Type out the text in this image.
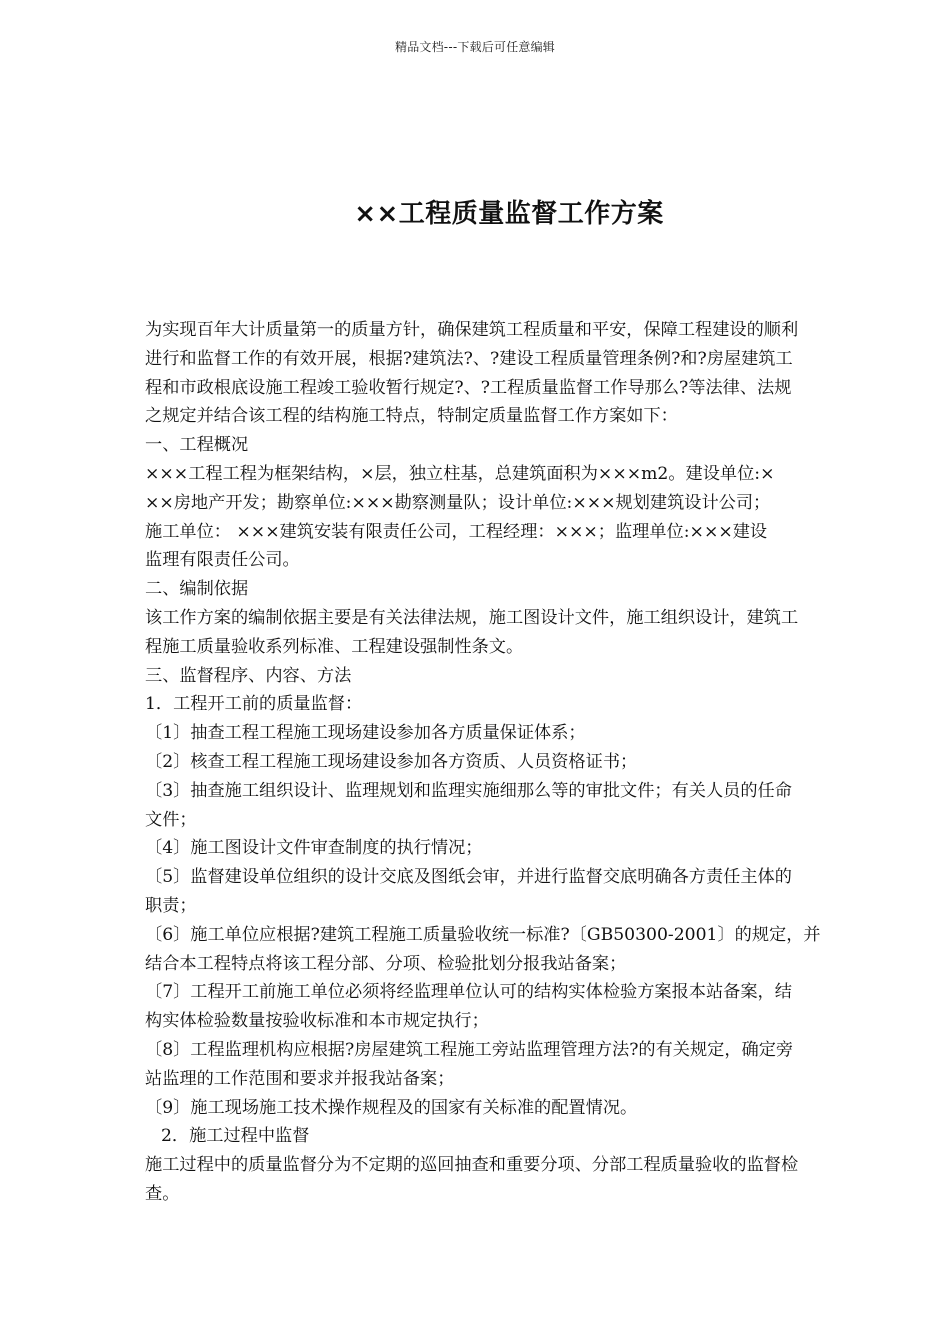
精品文档---下载后可任意编辑
××工程质量监督工作方案
为实现百年大计质量第一的质量方针，确保建筑工程质量和平安，保障工程建设的顺利
进行和监督工作的有效开展，根据?建筑法?、?建设工程质量管理条例?和?房屋建筑工
程和市政根底设施工程竣工验收暂行规定?、?工程质量监督工作导那么?等法律、法规
之规定并结合该工程的结构施工特点，特制定质量监督工作方案如下：
一、工程概况
×××工程工程为框架结构，×层，独立柱基，总建筑面积为×××m2。建设单位:×
××房地产开发；勘察单位:×××勘察测量队；设计单位:×××规划建筑设计公司；
施工单位： ×××建筑安装有限责任公司，工程经理：×××；监理单位:×××建设
监理有限责任公司。
二、编制依据
该工作方案的编制依据主要是有关法律法规，施工图设计文件，施工组织设计，建筑工
程施工质量验收系列标准、工程建设强制性条文。
三、监督程序、内容、方法
1．工程开工前的质量监督：
〔1〕抽查工程工程施工现场建设参加各方质量保证体系；
〔2〕核查工程工程施工现场建设参加各方资质、人员资格证书；
〔3〕抽查施工组织设计、监理规划和监理实施细那么等的审批文件；有关人员的任命
文件；
〔4〕施工图设计文件审查制度的执行情况；
〔5〕监督建设单位组织的设计交底及图纸会审，并进行监督交底明确各方责任主体的
职责；
〔6〕施工单位应根据?建筑工程施工质量验收统一标准?〔GB50300-2001〕的规定，并
结合本工程特点将该工程分部、分项、检验批划分报我站备案；
〔7〕工程开工前施工单位必须将经监理单位认可的结构实体检验方案报本站备案，结
构实体检验数量按验收标准和本市规定执行；
〔8〕工程监理机构应根据?房屋建筑工程施工旁站监理管理方法?的有关规定，确定旁
站监理的工作范围和要求并报我站备案；
〔9〕施工现场施工技术操作规程及的国家有关标准的配置情况。
2．施工过程中监督
施工过程中的质量监督分为不定期的巡回抽查和重要分项、分部工程质量验收的监督检
查。
